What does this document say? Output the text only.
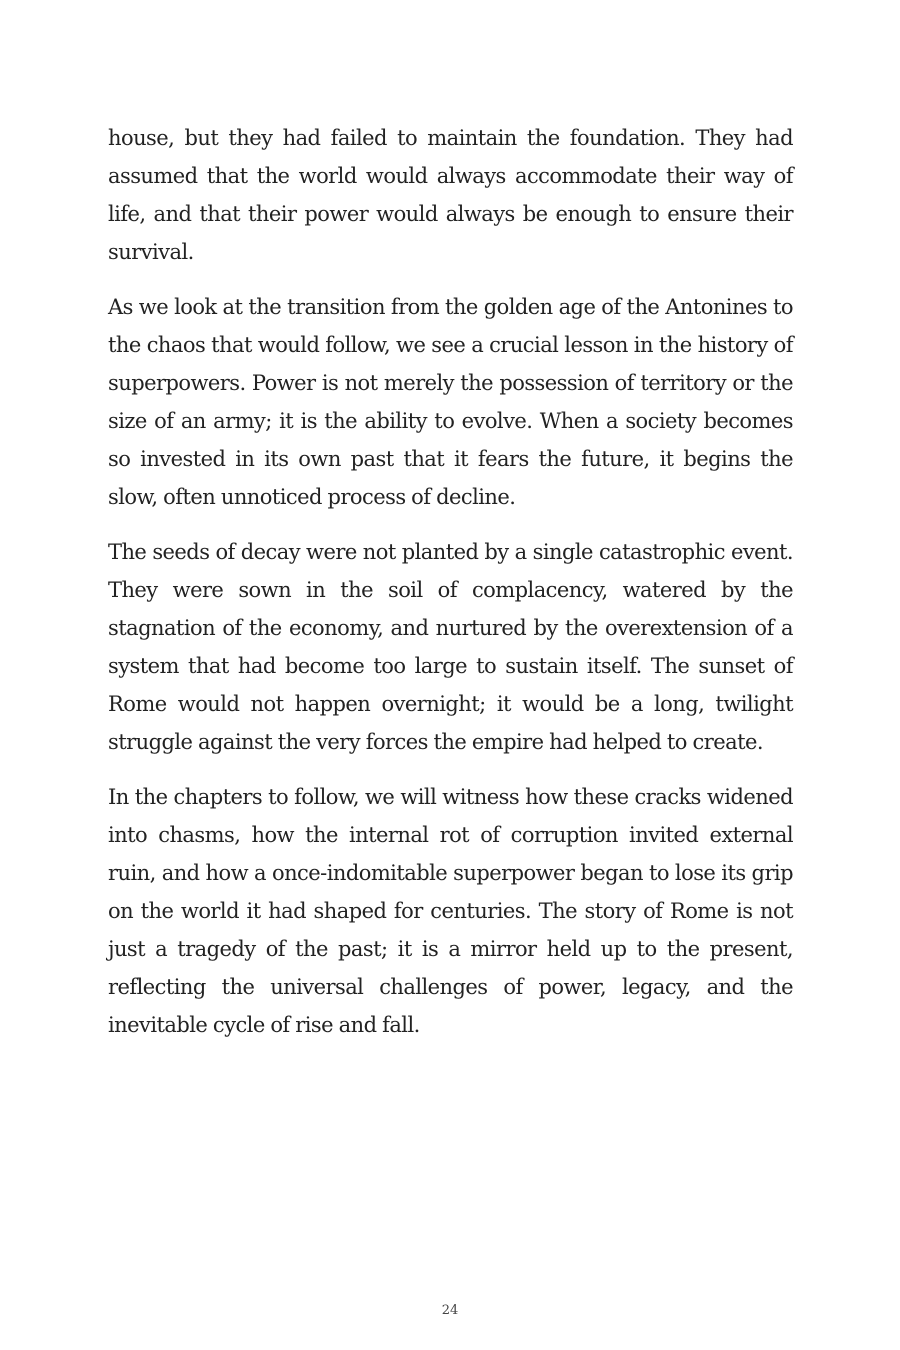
house, but they had failed to maintain the foundation. They had assumed that the world would always accommodate their way of life, and that their power would always be enough to ensure their survival.

As we look at the transition from the golden age of the Antonines to the chaos that would follow, we see a crucial lesson in the history of superpowers. Power is not merely the possession of territory or the size of an army; it is the ability to evolve. When a society becomes so invested in its own past that it fears the future, it begins the slow, often unnoticed process of decline.

The seeds of decay were not planted by a single catastrophic event. They were sown in the soil of complacency, watered by the stagnation of the economy, and nurtured by the overextension of a system that had become too large to sustain itself. The sunset of Rome would not happen overnight; it would be a long, twilight struggle against the very forces the empire had helped to create.

In the chapters to follow, we will witness how these cracks widened into chasms, how the internal rot of corruption invited external ruin, and how a once-indomitable superpower began to lose its grip on the world it had shaped for centuries. The story of Rome is not just a tragedy of the past; it is a mirror held up to the present, reflecting the universal challenges of power, legacy, and the inevitable cycle of rise and fall.

24
